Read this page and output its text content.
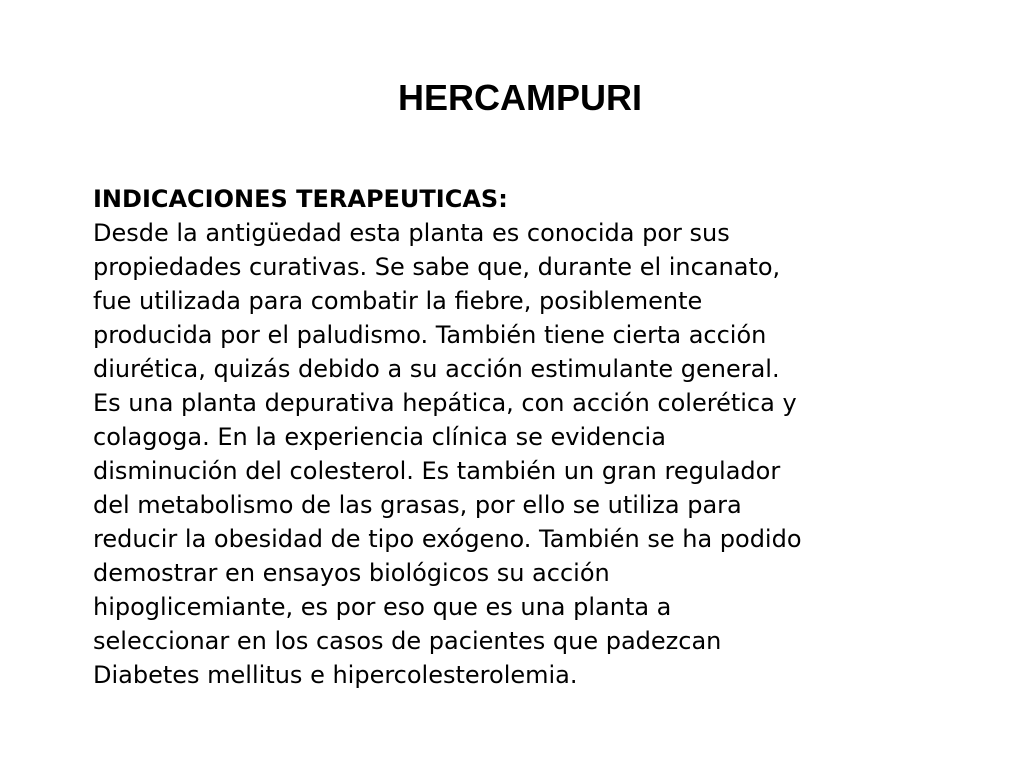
HERCAMPURI
INDICACIONES TERAPEUTICAS:
Desde la antigüedad esta planta es conocida por sus
propiedades curativas. Se sabe que, durante el incanato,
fue utilizada para combatir la fiebre, posiblemente
producida por el paludismo. También tiene cierta acción
diurética, quizás debido a su acción estimulante general.
Es una planta depurativa hepática, con acción colerética y
colagoga. En la experiencia clínica se evidencia
disminución del colesterol. Es también un gran regulador
del metabolismo de las grasas, por ello se utiliza para
reducir la obesidad de tipo exógeno. También se ha podido
demostrar en ensayos biológicos su acción
hipoglicemiante, es por eso que es una planta a
seleccionar en los casos de pacientes que padezcan
Diabetes mellitus e hipercolesterolemia.
